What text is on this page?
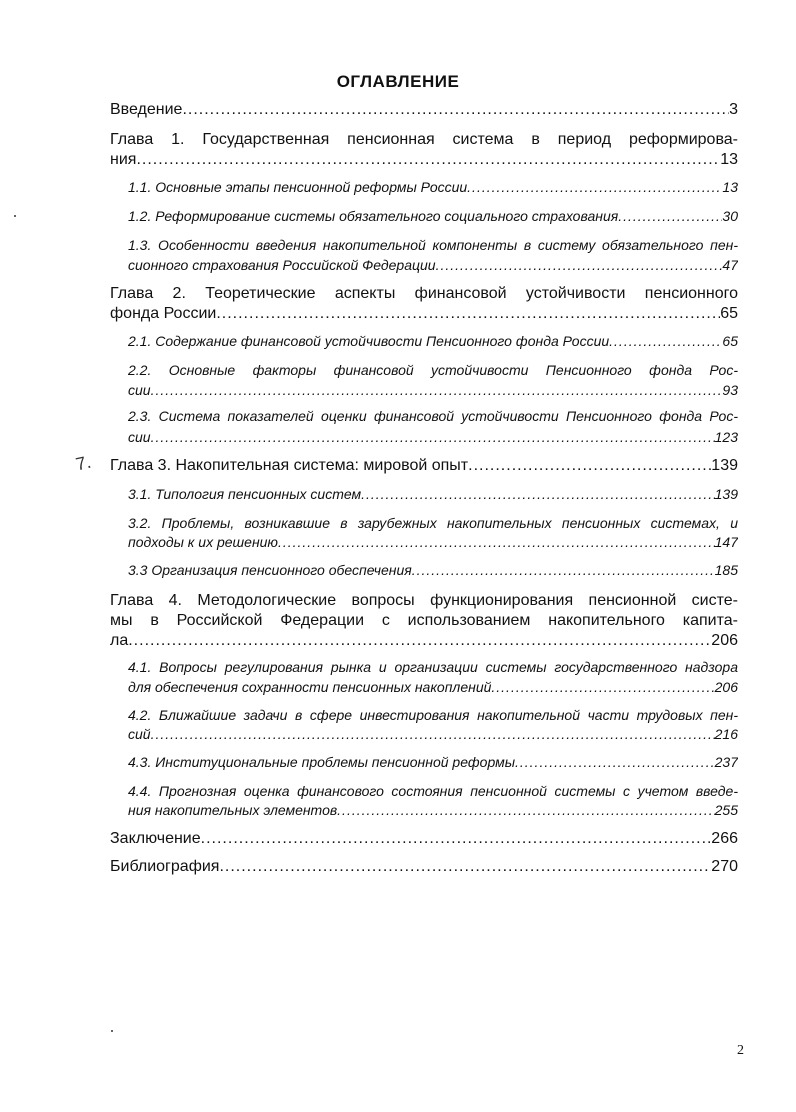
ОГЛАВЛЕНИЕ
Введение .....	3
Глава 1. Государственная пенсионная система в период реформирова-
ния .....	13
1.1. Основные этапы пенсионной реформы России .....	13
1.2. Реформирование системы обязательного социального страхования .....	30
1.3. Особенности введения накопительной компоненты в систему обязательного пен-
сионного страхования Российской Федерации .....	47
Глава 2. Теоретические аспекты финансовой устойчивости пенсионного
фонда России .....	65
2.1. Содержание финансовой устойчивости Пенсионного фонда России .....	65
2.2. Основные факторы финансовой устойчивости Пенсионного фонда Рос-
сии .....	93
2.3. Система показателей оценки финансовой устойчивости Пенсионного фонда Рос-
сии .....	123
7. Глава 3. Накопительная система: мировой опыт .....	139
3.1. Типология пенсионных систем .....	139
3.2. Проблемы, возникавшие в зарубежных накопительных пенсионных системах, и
подходы к их решению .....	147
3.3 Организация пенсионного обеспечения .....	185
Глава 4. Методологические вопросы функционирования пенсионной систе-
мы в Российской Федерации с использованием накопительного капита-
ла .....	206
4.1. Вопросы регулирования рынка и организации системы государственного надзора
для обеспечения сохранности пенсионных накоплений .....	206
4.2. Ближайшие задачи в сфере инвестирования накопительной части трудовых пен-
сий .....	216
4.3. Институциональные проблемы пенсионной реформы .....	237
4.4. Прогнозная оценка финансового состояния пенсионной системы с учетом введе-
ния накопительных элементов .....	255
Заключение .....	266
Библиография .....	270
2
